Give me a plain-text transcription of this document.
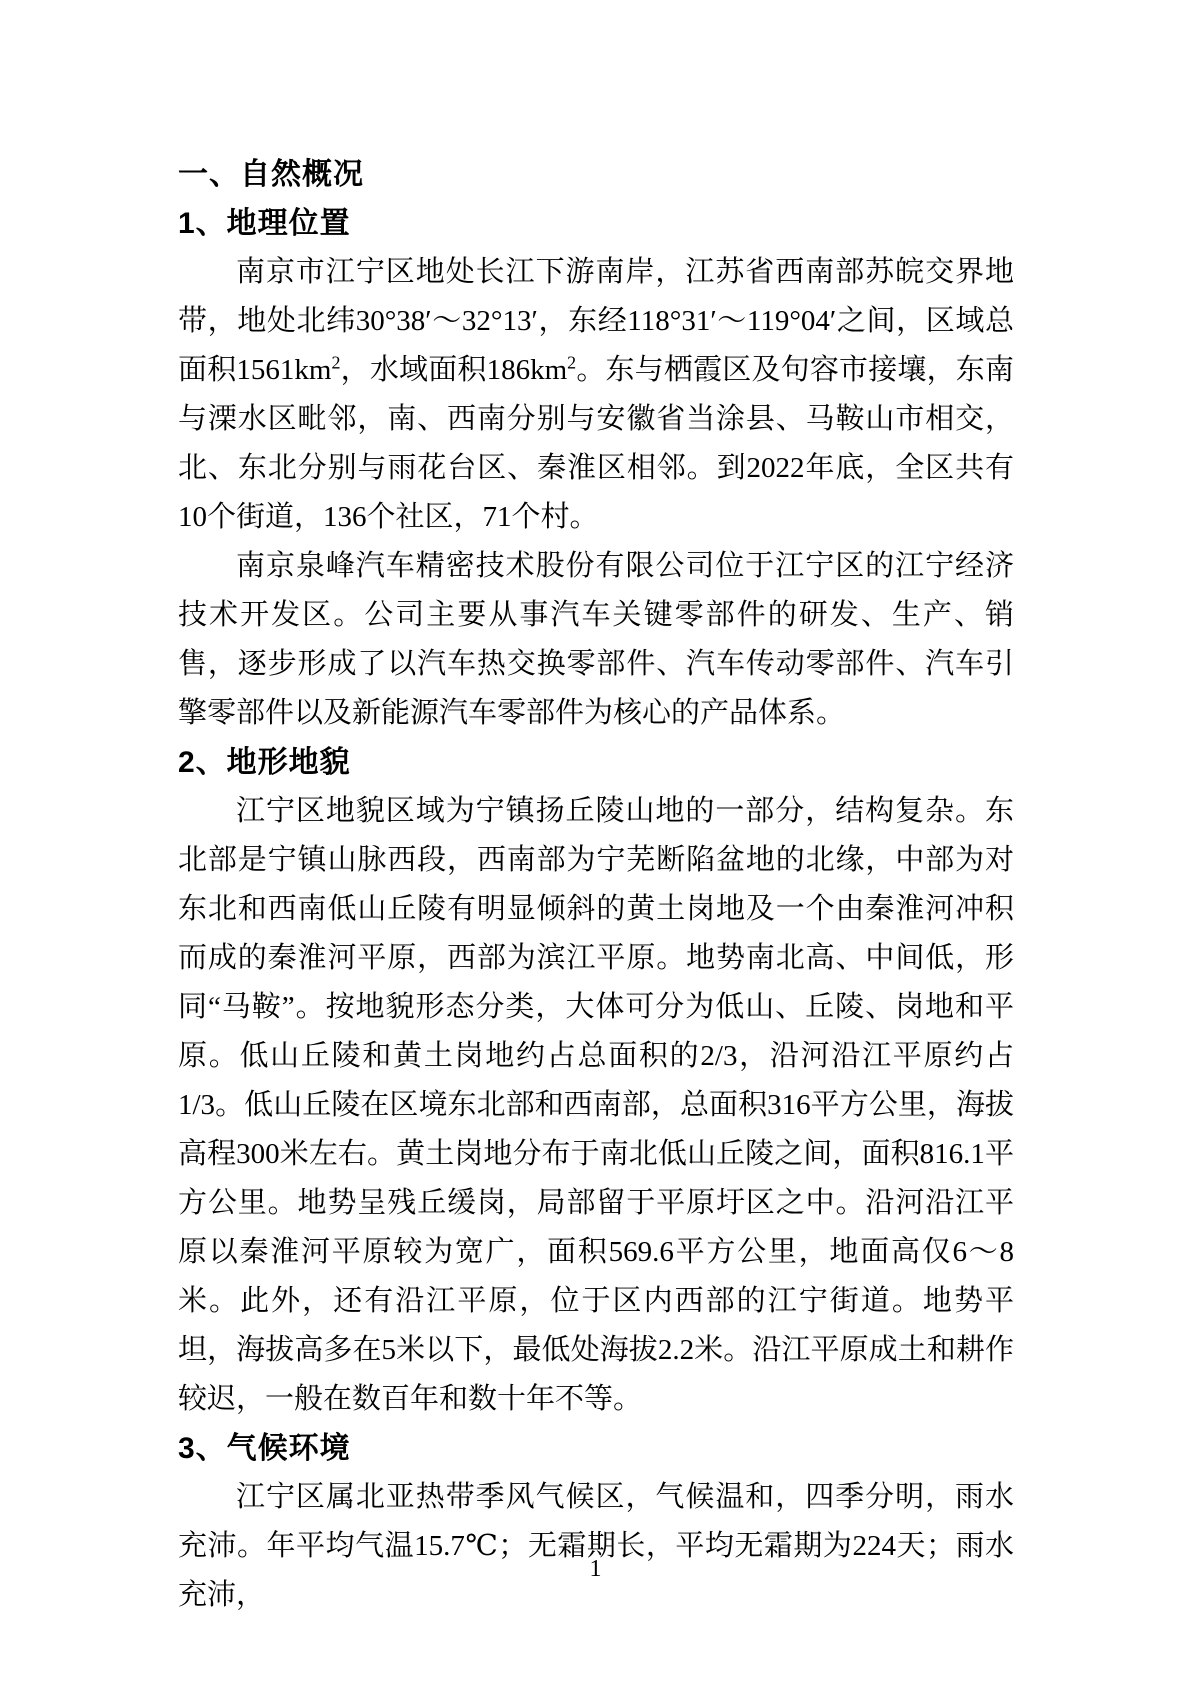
一、自然概况
1、地理位置

南京市江宁区地处长江下游南岸，江苏省西南部苏皖交界地带，地处北纬30°38′～32°13′，东经118°31′～119°04′之间，区域总面积$1561km^2$，水域面积$186km^2$。东与栖霞区及句容市接壤，东南与溧水区毗邻，南、西南分别与安徽省当涂县、马鞍山市相交，北、东北分别与雨花台区、秦淮区相邻。到2022年底，全区共有10个街道，136个社区，71个村。

南京泉峰汽车精密技术股份有限公司位于江宁区的江宁经济技术开发区。公司主要从事汽车关键零部件的研发、生产、销售，逐步形成了以汽车热交换零部件、汽车传动零部件、汽车引擎零部件以及新能源汽车零部件为核心的产品体系。

2、地形地貌

江宁区地貌区域为宁镇扬丘陵山地的一部分，结构复杂。东北部是宁镇山脉西段，西南部为宁芜断陷盆地的北缘，中部为对东北和西南低山丘陵有明显倾斜的黄土岗地及一个由秦淮河冲积而成的秦淮河平原，西部为滨江平原。地势南北高、中间低，形同“马鞍”。按地貌形态分类，大体可分为低山、丘陵、岗地和平原。低山丘陵和黄土岗地约占总面积的2/3，沿河沿江平原约占1/3。低山丘陵在区境东北部和西南部，总面积316平方公里，海拔高程300米左右。黄土岗地分布于南北低山丘陵之间，面积816.1平方公里。地势呈残丘缓岗，局部留于平原圩区之中。沿河沿江平原以秦淮河平原较为宽广，面积569.6平方公里，地面高仅6～8米。此外，还有沿江平原，位于区内西部的江宁街道。地势平坦，海拔高多在5米以下，最低处海拔2.2米。沿江平原成土和耕作较迟，一般在数百年和数十年不等。

3、气候环境

江宁区属北亚热带季风气候区，气候温和，四季分明，雨水充沛。年平均气温15.7℃；无霜期长，平均无霜期为224天；雨水充沛，

1
